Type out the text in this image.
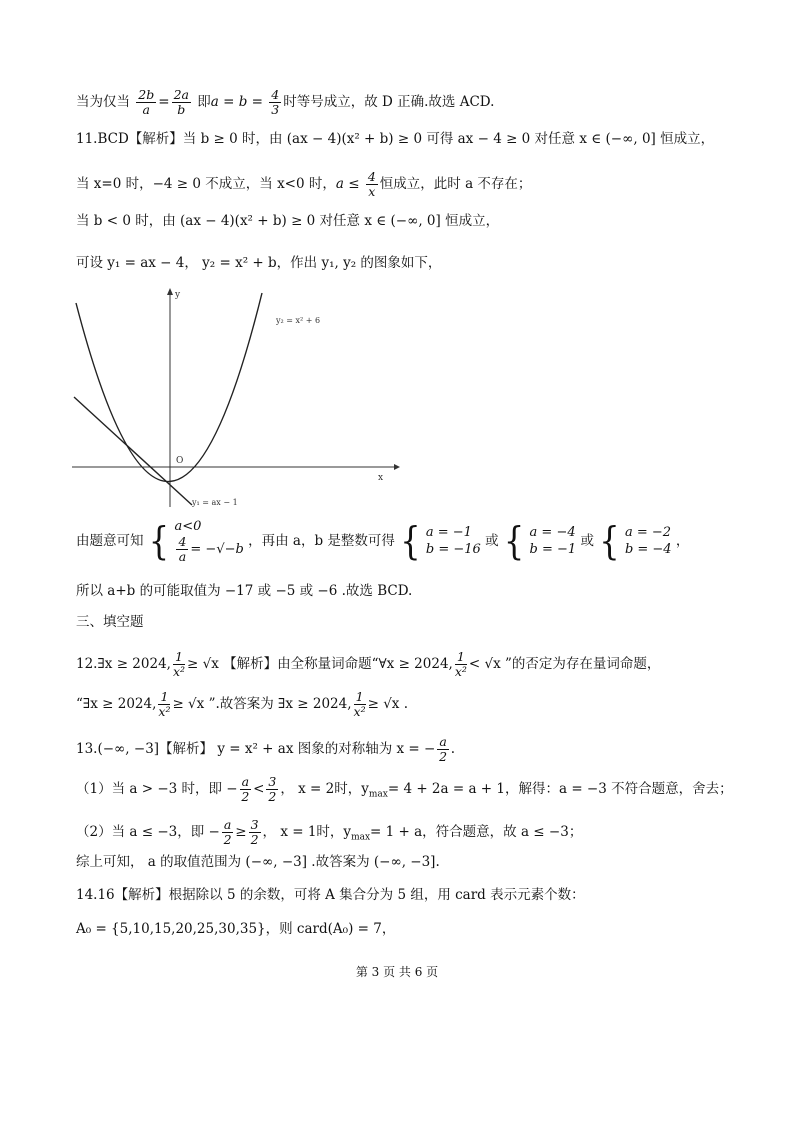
当为仅当 $\frac{2b}{a} = \frac{2a}{b}$ 即$a = b = \frac{4}{3}$ 时等号成立，故 D 正确.故选 ACD.
11.BCD【解析】当 b ≥ 0 时，由 (ax − 4)(x² + b) ≥ 0 可得 ax − 4 ≥ 0 对任意 x ∈ (−∞, 0] 恒成立，
当 x=0 时，−4 ≥ 0 不成立，当 x<0 时，$a \le \frac{4}{x}$ 恒成立，此时 a 不存在；
当 b < 0 时，由 (ax − 4)(x² + b) ≥ 0 对任意 x ∈ (−∞, 0] 恒成立，
可设 y₁ = ax − 4， y₂ = x² + b，作出 y₁, y₂ 的图象如下，
y
x
O
y₂ = x² + 6
y₁ = ax − 1
由题意可知 { a<0
$\frac{4}{a} = -√-b$
，再由 a，b 是整数可得 { a = −1
b = −16
或 { a = −4
b = −1
或 { a = −2
b = −4
，
所以 a+b 的可能取值为 −17 或 −5 或 −6 .故选 BCD.
三、填空题
12.∃x ≥ 2024, $\frac{1}{\text{x²}} \ge √x$ 【解析】由全称量词命题“∀x ≥ 2024, $\frac{1}{\text{x²}} < √x$ ”的否定为存在量词命题，
“∃x ≥ 2024, $\frac{1}{\text{x²}} \ge √x$ ”.故答案为 ∃x ≥ 2024, $\frac{1}{\text{x²}} \ge √x$ .
13.(−∞, −3]【解析】 y = x² + ax 图象的对称轴为 x = − $\frac{a}{2}$ .
（1）当 a > −3 时，即 − $\frac{a}{2} < \frac{3}{2}$ ， x = 2时，$y_{max}= 4 + 2a = a + 1$，解得：a = −3 不符合题意，舍去；
（2）当 a ≤ −3，即 − $\frac{a}{2} \ge \frac{3}{2}$ ， x = 1时，$y_{max}= 1 + a$，符合题意，故 a ≤ −3；
综上可知， a 的取值范围为 (−∞, −3] .故答案为 (−∞, −3].
14.16【解析】根据除以 5 的余数，可将 A 集合分为 5 组，用 card 表示元素个数：
A₀ = {5,10,15,20,25,30,35}，则 card(A₀) = 7，
第 3 页 共 6 页
